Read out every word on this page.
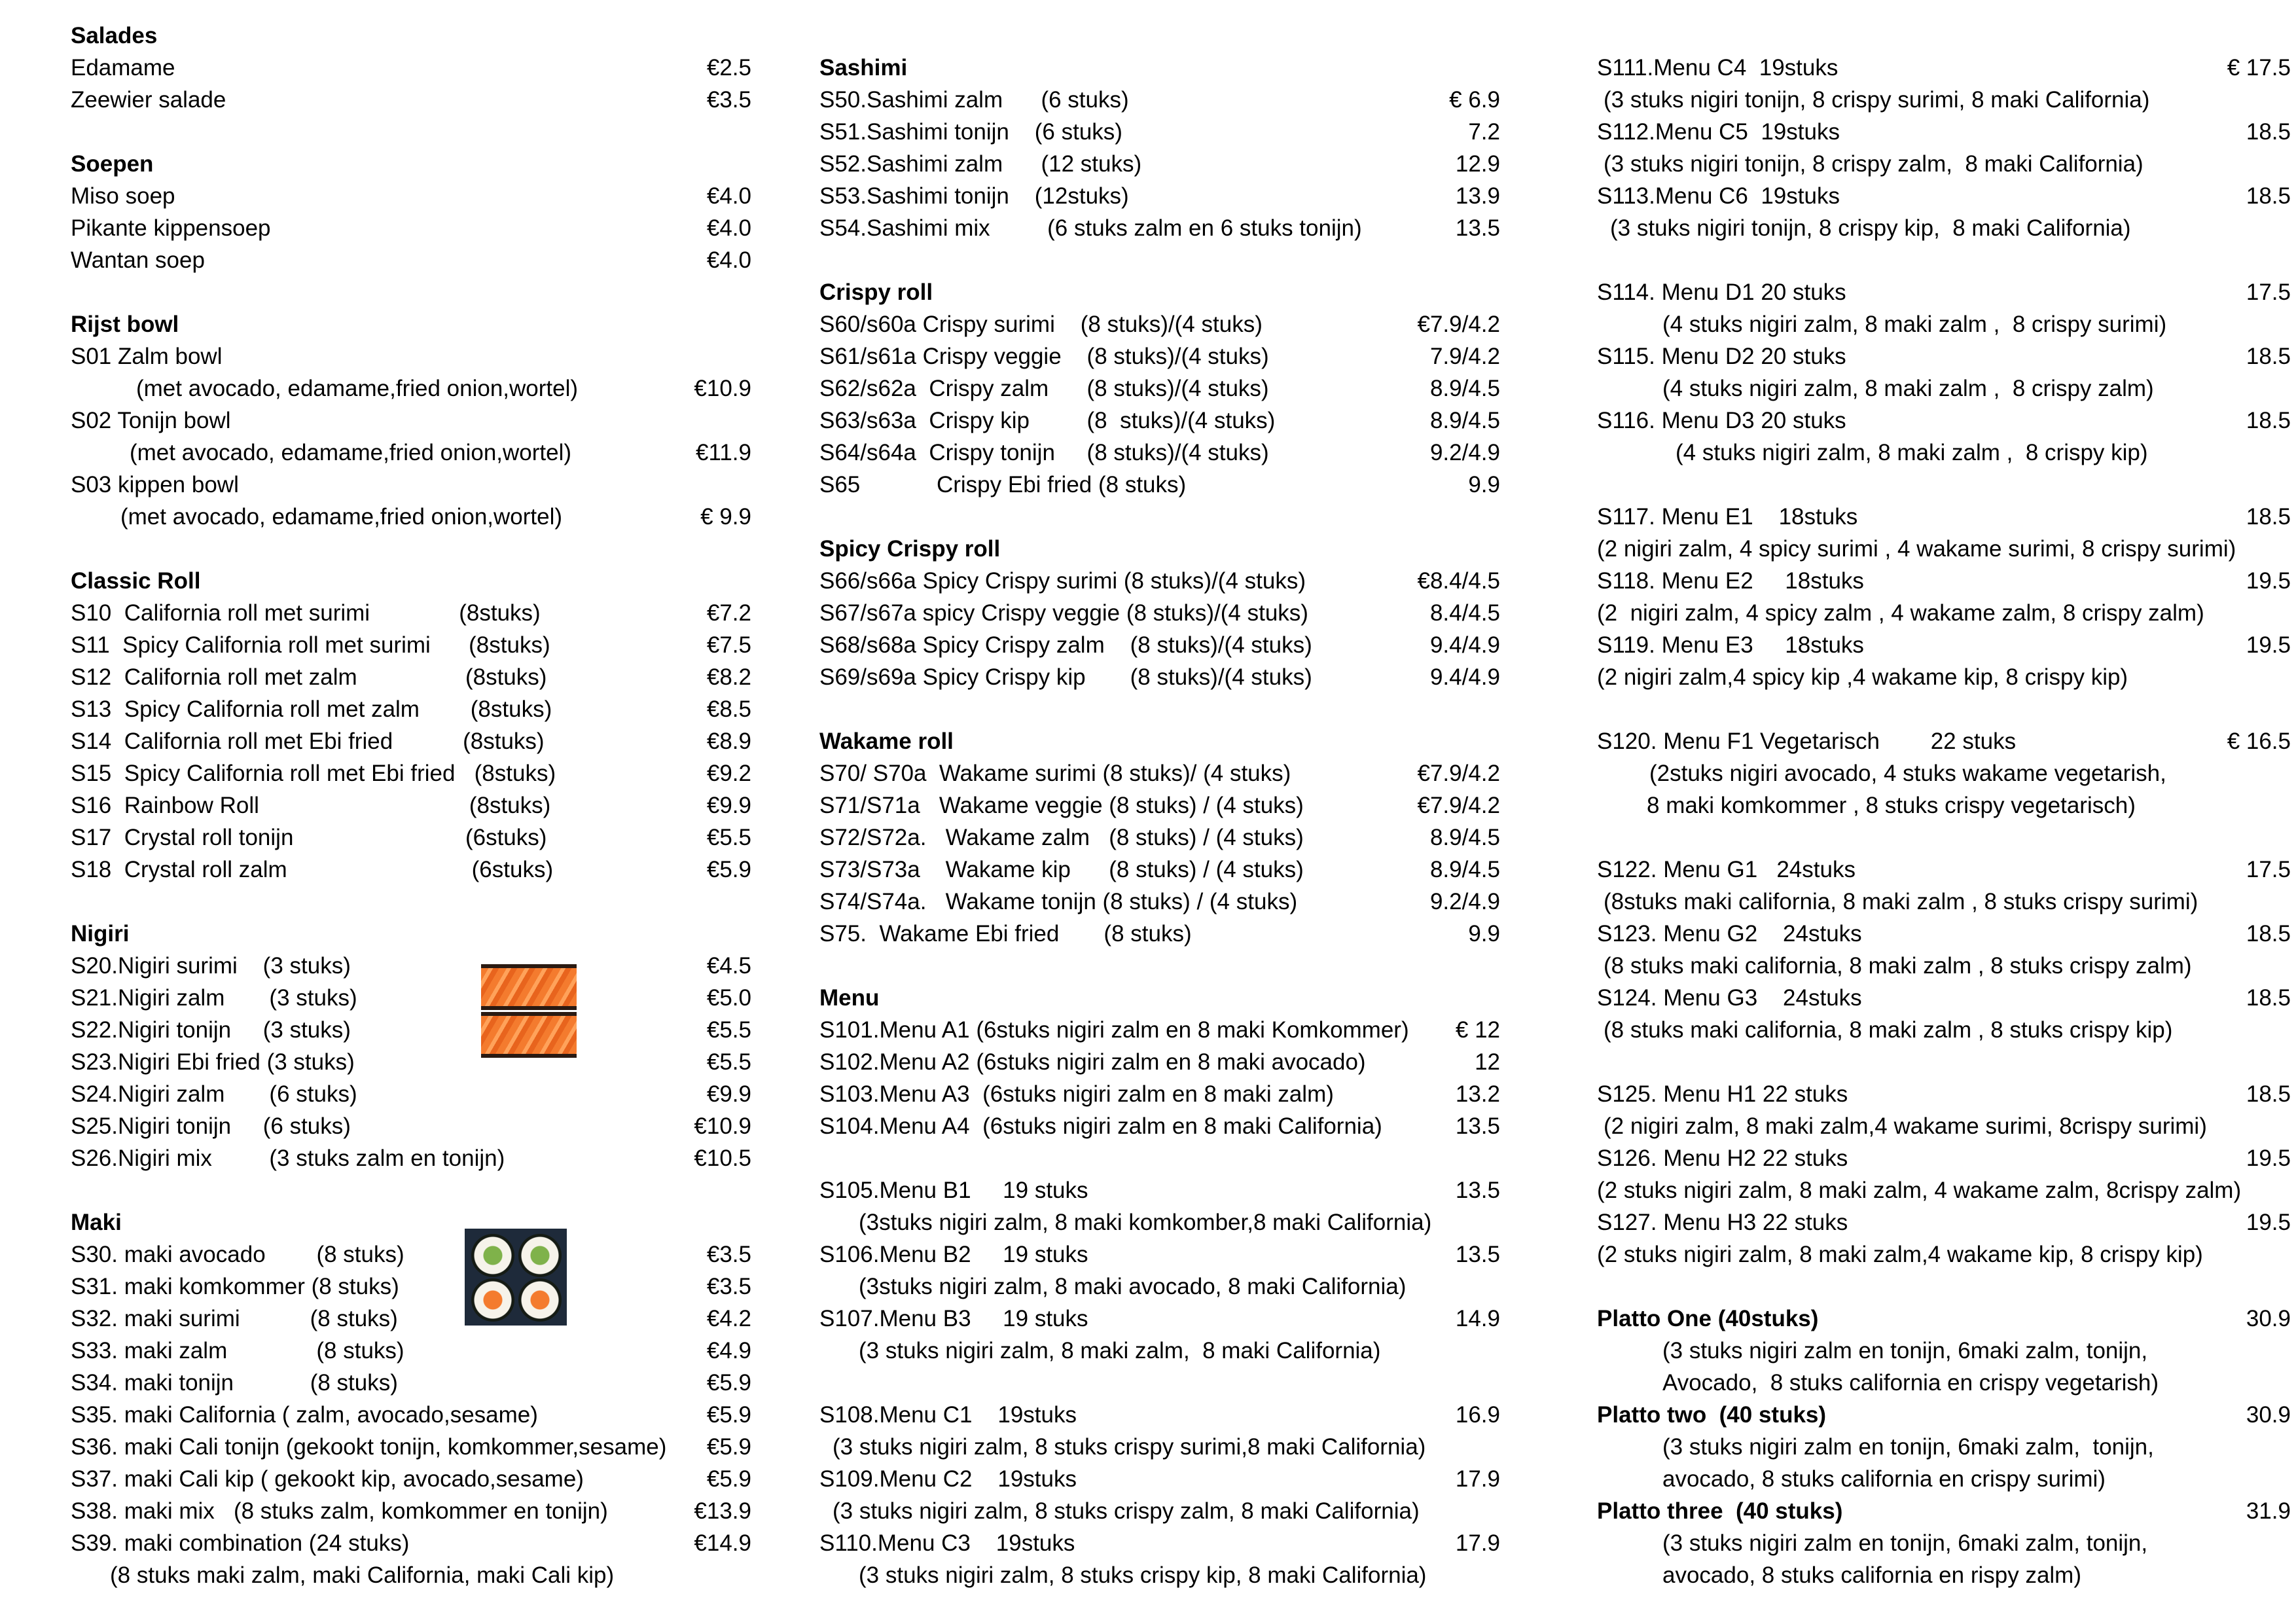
Salades
Edamame	€2.5
Zeewier salade	€3.5
Soepen
Miso soep	€4.0
Pikante kippensoep	€4.0
Wantan soep	€4.0
Rijst bowl
S01 Zalm bowl
(met avocado, edamame,fried onion,wortel)	€10.9
S02 Tonijn bowl
(met avocado, edamame,fried onion,wortel)	€11.9
S03 kippen bowl
(met avocado, edamame,fried onion,wortel)	€ 9.9
Classic Roll
S10  California roll met surimi              (8stuks)	€7.2
S11  Spicy California roll met surimi      (8stuks)	€7.5
S12  California roll met zalm                 (8stuks)	€8.2
S13  Spicy California roll met zalm        (8stuks)	€8.5
S14  California roll met Ebi fried           (8stuks)	€8.9
S15  Spicy California roll met Ebi fried   (8stuks)	€9.2
S16  Rainbow Roll                                 (8stuks)	€9.9
S17  Crystal roll tonijn                           (6stuks)	€5.5
S18  Crystal roll zalm                             (6stuks)	€5.9
Nigiri
S20.Nigiri surimi    (3 stuks)	€4.5
S21.Nigiri zalm       (3 stuks)	€5.0
S22.Nigiri tonijn     (3 stuks)	€5.5
S23.Nigiri Ebi fried (3 stuks)	€5.5
S24.Nigiri zalm       (6 stuks)	€9.9
S25.Nigiri tonijn     (6 stuks)	€10.9
S26.Nigiri mix         (3 stuks zalm en tonijn)	€10.5
Maki
S30. maki avocado        (8 stuks)	€3.5
S31. maki komkommer (8 stuks)	€3.5
S32. maki surimi           (8 stuks)	€4.2
S33. maki zalm              (8 stuks)	€4.9
S34. maki tonijn            (8 stuks)	€5.9
S35. maki California ( zalm, avocado,sesame)	€5.9
S36. maki Cali tonijn (gekookt tonijn, komkommer,sesame) €5.9
S37. maki Cali kip ( gekookt kip, avocado,sesame)	€5.9
S38. maki mix   (8 stuks zalm, komkommer en tonijn)	€13.9
S39. maki combination (24 stuks)	€14.9
(8 stuks maki zalm, maki California, maki Cali kip)
Sashimi
S50.Sashimi zalm      (6 stuks)	€ 6.9
S51.Sashimi tonijn    (6 stuks)	7.2
S52.Sashimi zalm      (12 stuks)	12.9
S53.Sashimi tonijn    (12stuks)	13.9
S54.Sashimi mix         (6 stuks zalm en 6 stuks tonijn)	13.5
Crispy roll
S60/s60a Crispy surimi    (8 stuks)/(4 stuks)	€7.9/4.2
S61/s61a Crispy veggie    (8 stuks)/(4 stuks)	7.9/4.2
S62/s62a  Crispy zalm      (8 stuks)/(4 stuks)	8.9/4.5
S63/s63a  Crispy kip         (8  stuks)/(4 stuks)	8.9/4.5
S64/s64a  Crispy tonijn     (8 stuks)/(4 stuks)	9.2/4.9
S65            Crispy Ebi fried (8 stuks)	9.9
Spicy Crispy roll
S66/s66a Spicy Crispy surimi (8 stuks)/(4 stuks)	€8.4/4.5
S67/s67a spicy Crispy veggie (8 stuks)/(4 stuks)	8.4/4.5
S68/s68a Spicy Crispy zalm    (8 stuks)/(4 stuks)	9.4/4.9
S69/s69a Spicy Crispy kip       (8 stuks)/(4 stuks)	9.4/4.9
Wakame roll
S70/ S70a  Wakame surimi (8 stuks)/ (4 stuks)	€7.9/4.2
S71/S71a   Wakame veggie (8 stuks) / (4 stuks)	€7.9/4.2
S72/S72a.   Wakame zalm   (8 stuks) / (4 stuks)	8.9/4.5
S73/S73a    Wakame kip      (8 stuks) / (4 stuks)	8.9/4.5
S74/S74a.   Wakame tonijn (8 stuks) / (4 stuks)	9.2/4.9
S75.  Wakame Ebi fried       (8 stuks)	9.9
Menu
S101.Menu A1 (6stuks nigiri zalm en 8 maki Komkommer) € 12
S102.Menu A2 (6stuks nigiri zalm en 8 maki avocado)	12
S103.Menu A3  (6stuks nigiri zalm en 8 maki zalm)	13.2
S104.Menu A4  (6stuks nigiri zalm en 8 maki California)	13.5
S105.Menu B1     19 stuks	13.5
(3stuks nigiri zalm, 8 maki komkomber,8 maki California)
S106.Menu B2     19 stuks	13.5
(3stuks nigiri zalm, 8 maki avocado, 8 maki California)
S107.Menu B3     19 stuks	14.9
(3 stuks nigiri zalm, 8 maki zalm,  8 maki California)
S108.Menu C1    19stuks	16.9
(3 stuks nigiri zalm, 8 stuks crispy surimi,8 maki California)
S109.Menu C2    19stuks	17.9
(3 stuks nigiri zalm, 8 stuks crispy zalm, 8 maki California)
S110.Menu C3    19stuks	17.9
(3 stuks nigiri zalm, 8 stuks crispy kip, 8 maki California)
S111.Menu C4  19stuks	€ 17.5
(3 stuks nigiri tonijn, 8 crispy surimi, 8 maki California)
S112.Menu C5  19stuks	18.5
(3 stuks nigiri tonijn, 8 crispy zalm,  8 maki California)
S113.Menu C6  19stuks	18.5
(3 stuks nigiri tonijn, 8 crispy kip,  8 maki California)
S114. Menu D1 20 stuks	17.5
(4 stuks nigiri zalm, 8 maki zalm ,  8 crispy surimi)
S115. Menu D2 20 stuks	18.5
(4 stuks nigiri zalm, 8 maki zalm ,  8 crispy zalm)
S116. Menu D3 20 stuks	18.5
(4 stuks nigiri zalm, 8 maki zalm ,  8 crispy kip)
S117. Menu E1    18stuks	18.5
(2 nigiri zalm, 4 spicy surimi , 4 wakame surimi, 8 crispy surimi)
S118. Menu E2     18stuks	19.5
(2  nigiri zalm, 4 spicy zalm , 4 wakame zalm, 8 crispy zalm)
S119. Menu E3     18stuks	19.5
(2 nigiri zalm,4 spicy kip ,4 wakame kip, 8 crispy kip)
S120. Menu F1 Vegetarisch        22 stuks	€ 16.5
(2stuks nigiri avocado, 4 stuks wakame vegetarish,
8 maki komkommer , 8 stuks crispy vegetarisch)
S122. Menu G1   24stuks	17.5
(8stuks maki california, 8 maki zalm , 8 stuks crispy surimi)
S123. Menu G2    24stuks	18.5
(8 stuks maki california, 8 maki zalm , 8 stuks crispy zalm)
S124. Menu G3    24stuks	18.5
(8 stuks maki california, 8 maki zalm , 8 stuks crispy kip)
S125. Menu H1 22 stuks	18.5
(2 nigiri zalm, 8 maki zalm,4 wakame surimi, 8crispy surimi)
S126. Menu H2 22 stuks	19.5
(2 stuks nigiri zalm, 8 maki zalm, 4 wakame zalm, 8crispy zalm)
S127. Menu H3 22 stuks	19.5
(2 stuks nigiri zalm, 8 maki zalm,4 wakame kip, 8 crispy kip)
Platto One (40stuks)	30.9
(3 stuks nigiri zalm en tonijn, 6maki zalm, tonijn,
Avocado,  8 stuks california en crispy vegetarish)
Platto two  (40 stuks)	30.9
(3 stuks nigiri zalm en tonijn, 6maki zalm,  tonijn,
avocado, 8 stuks california en crispy surimi)
Platto three  (40 stuks)	31.9
(3 stuks nigiri zalm en tonijn, 6maki zalm, tonijn,
avocado, 8 stuks california en rispy zalm)
